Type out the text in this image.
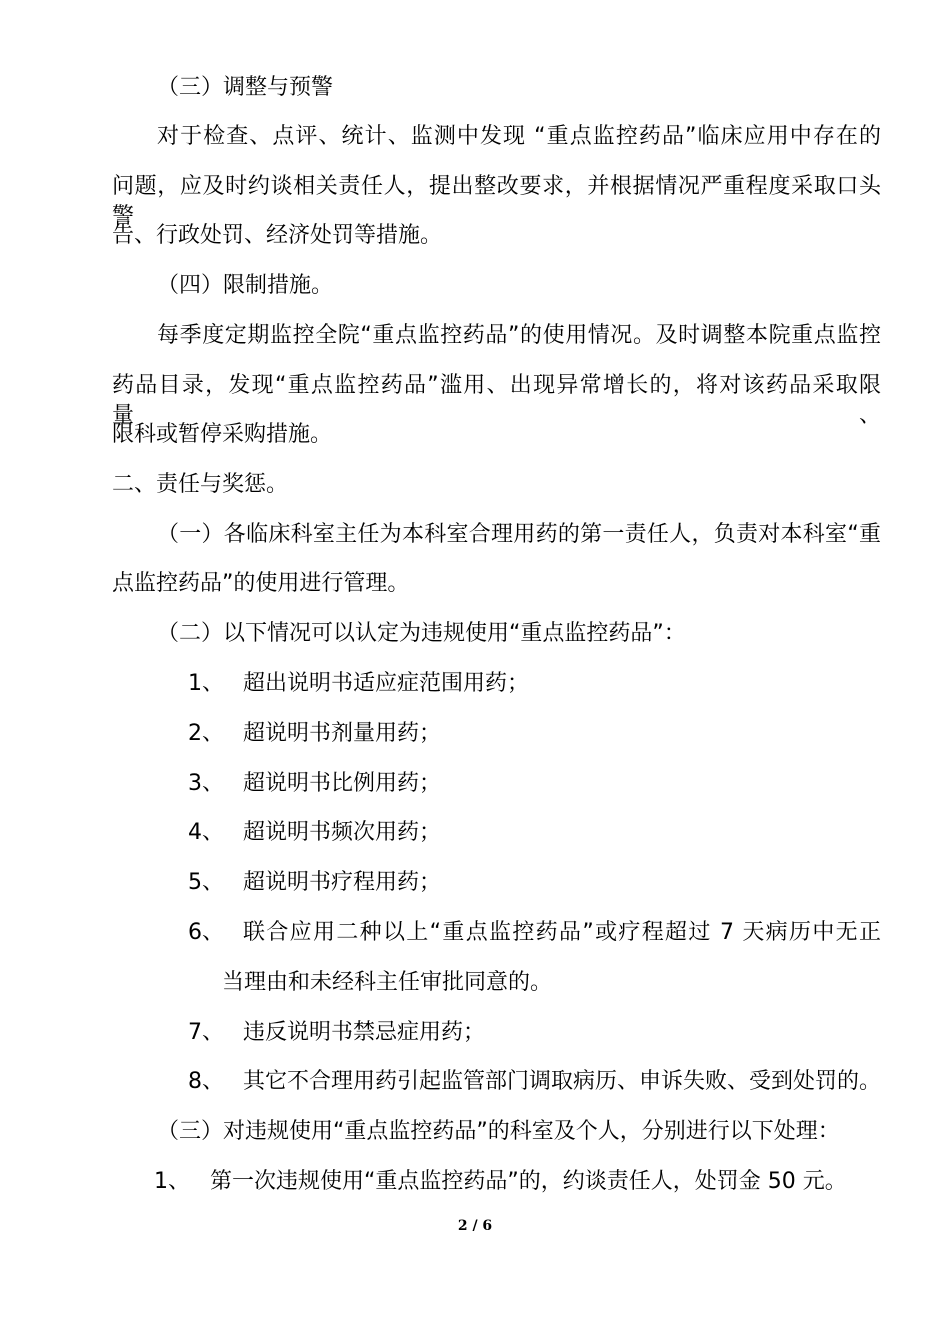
（三）调整与预警
对于检查、点评、统计、监测中发现 “重点监控药品”临床应用中存在的
问题，应及时约谈相关责任人，提出整改要求，并根据情况严重程度采取口头警
告、行政处罚、经济处罚等措施。
（四）限制措施。
每季度定期监控全院“重点监控药品”的使用情况。及时调整本院重点监控
药品目录，发现“重点监控药品”滥用、出现异常增长的，将对该药品采取限量、
限科或暂停采购措施。
二、责任与奖惩。
（一）各临床科室主任为本科室合理用药的第一责任人，负责对本科室“重
点监控药品”的使用进行管理。
（二）以下情况可以认定为违规使用“重点监控药品”：
1、 超出说明书适应症范围用药；
2、 超说明书剂量用药；
3、 超说明书比例用药；
4、 超说明书频次用药；
5、 超说明书疗程用药；
6、 联合应用二种以上“重点监控药品”或疗程超过 7 天病历中无正
当理由和未经科主任审批同意的。
7、 违反说明书禁忌症用药；
8、 其它不合理用药引起监管部门调取病历、申诉失败、受到处罚的。
（三）对违规使用“重点监控药品”的科室及个人，分别进行以下处理：
1、 第一次违规使用“重点监控药品”的，约谈责任人，处罚金 50 元。
2 / 6
